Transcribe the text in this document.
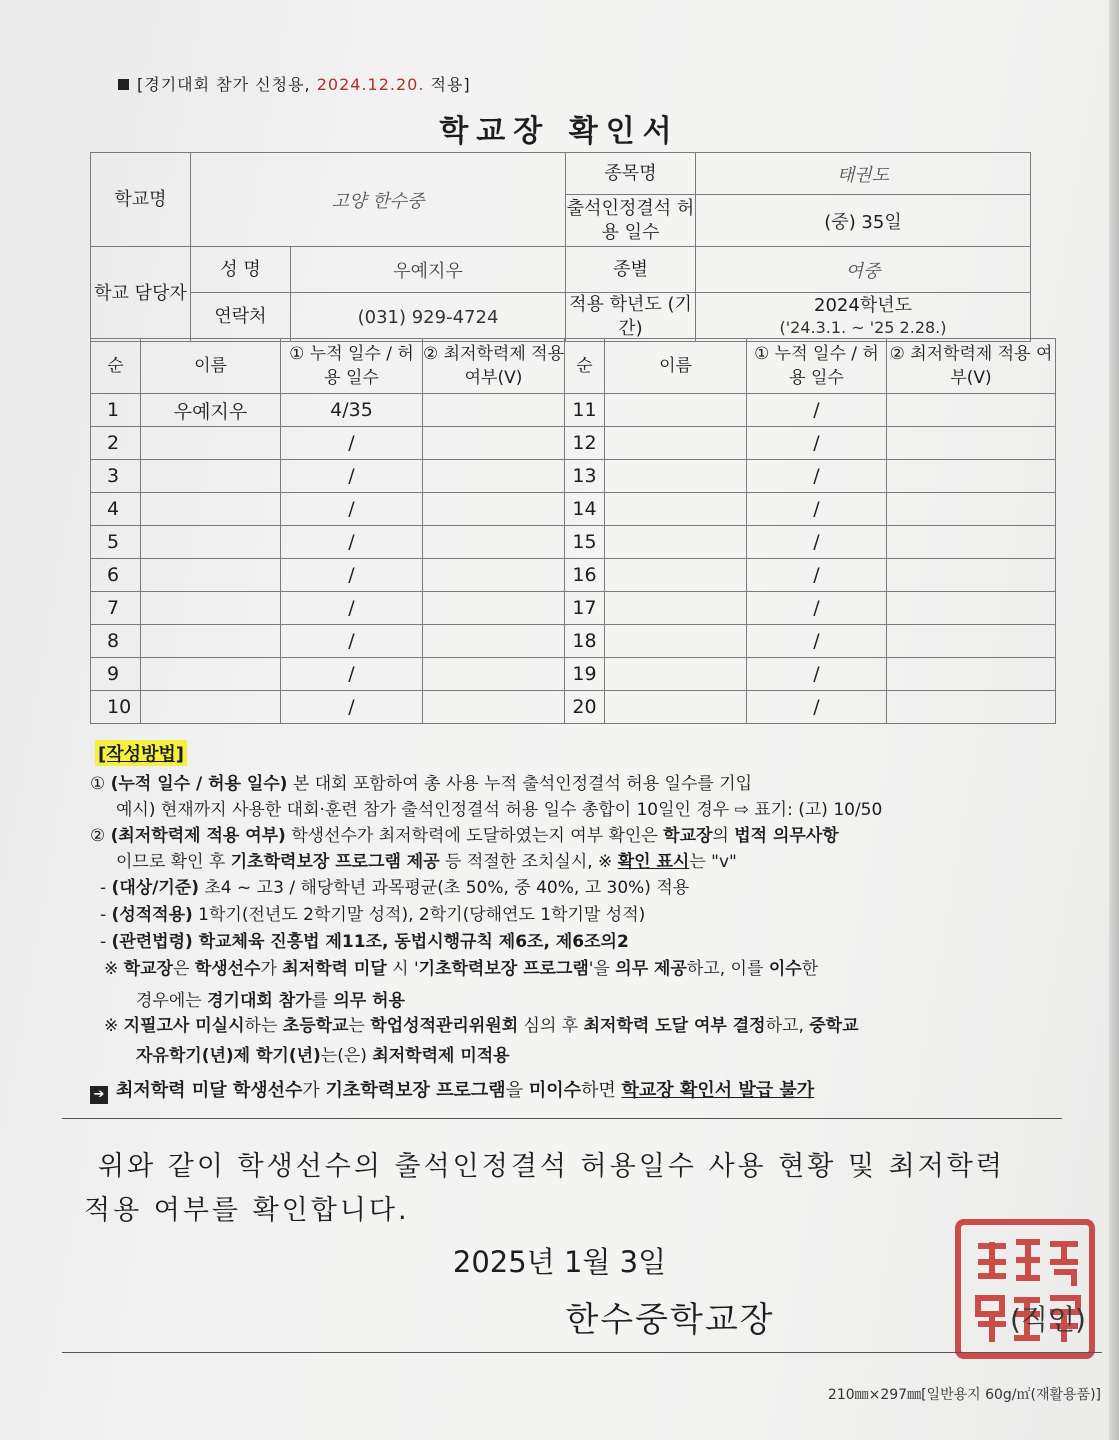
[경기대회 참가 신청용, 2024.12.20. 적용]
학교장 확인서
학교명	고양 한수중		종목명	태권도
			출석인정결석 허용 일수	(중) 35일
학교 담당자	성 명	우예지우	종별	여중
	연락처	(031) 929-4724	적용 학년도 (기간)	2024학년도
('24.3.1. ~ '25 2.28.)
순	이름	① 누적 일수 / 허용 일수	② 최저학력제 적용 여부(V)	순	이름	① 누적 일수 / 허용 일수	② 최저학력제 적용 여부(V)
1	우예지우	4/35		11		/	
2		/		12		/	
3		/		13		/	
4		/		14		/	
5		/		15		/	
6		/		16		/	
7		/		17		/	
8		/		18		/	
9		/		19		/	
10		/		20		/	
[작성방법]
① (누적 일수 / 허용 일수) 본 대회 포함하여 총 사용 누적 출석인정결석 허용 일수를 기입
예시) 현재까지 사용한 대회·훈련 참가 출석인정결석 허용 일수 총합이 10일인 경우 ⇨ 표기: (고) 10/50
② (최저학력제 적용 여부) 학생선수가 최저학력에 도달하였는지 여부 확인은 학교장의 법적 의무사항
이므로 확인 후 기초학력보장 프로그램 제공 등 적절한 조치실시, ※ 확인 표시는 "v"
- (대상/기준) 초4 ~ 고3 / 해당학년 과목평균(초 50%, 중 40%, 고 30%) 적용
- (성적적용) 1학기(전년도 2학기말 성적), 2학기(당해연도 1학기말 성적)
- (관련법령) 학교체육 진흥법 제11조, 동법시행규칙 제6조, 제6조의2
※ 학교장은 학생선수가 최저학력 미달 시 '기초학력보장 프로그램'을 의무 제공하고, 이를 이수한
경우에는 경기대회 참가를 의무 허용
※ 지필고사 미실시하는 초등학교는 학업성적관리위원회 심의 후 최저학력 도달 여부 결정하고, 중학교
자유학기(년)제 학기(년)는(은) 최저학력제 미적용
➔ 최저학력 미달 학생선수가 기초학력보장 프로그램을 미이수하면 학교장 확인서 발급 불가
위와 같이 학생선수의 출석인정결석 허용일수 사용 현황 및 최저학력
적용 여부를 확인합니다.
2025년 1월 3일
한수중학교장	(직인)
210㎜×297㎜[일반용지 60g/㎡(재활용품)]
